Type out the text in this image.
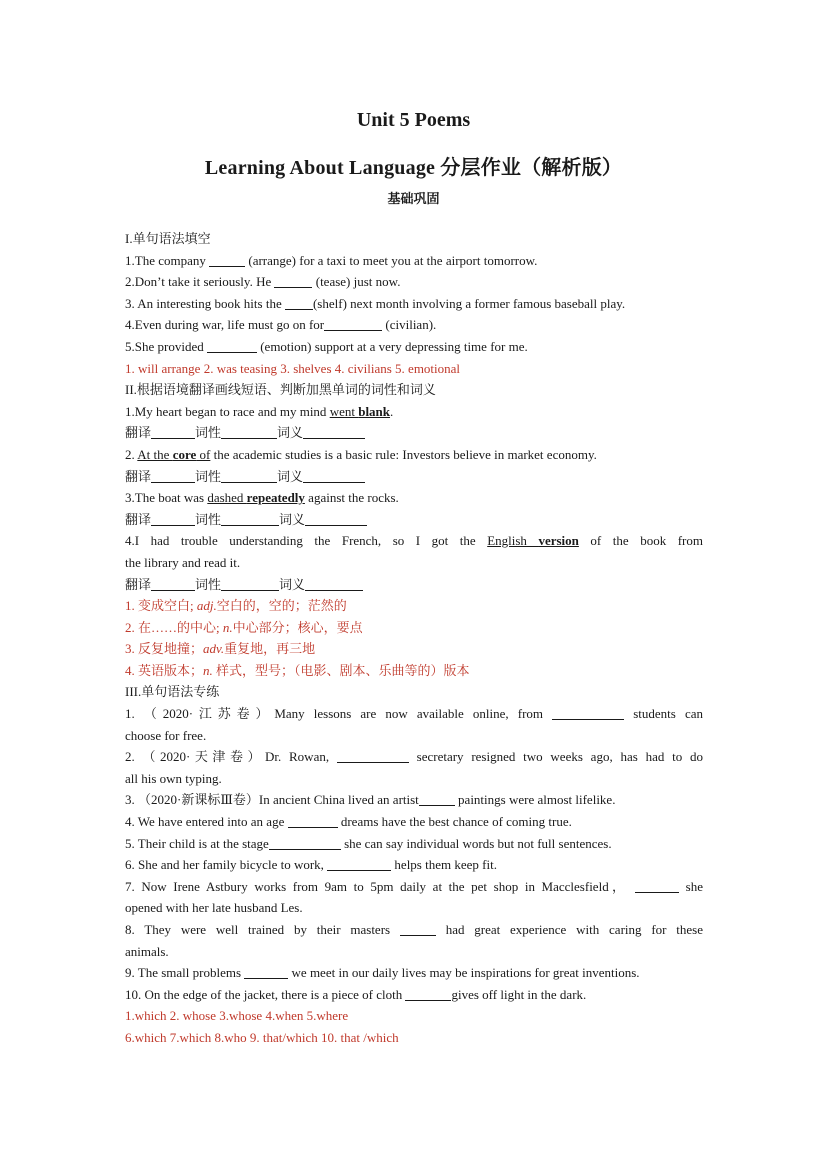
Unit 5 Poems
Learning About Language 分层作业（解析版）
基础巩固
I.单句语法填空
1.The company	(arrange) for a taxi to meet you at the airport tomorrow.
2.Don’t take it seriously. He	(tease) just now.
3. An interesting book hits the (shelf) next month involving a former famous baseball play.
4.Even during war, life must go on for	(civilian).
5.She provided	(emotion) support at a very depressing time for me.
1. will arrange 2. was teasing 3. shelves 4. civilians 5. emotional
II.根据语境翻译画线短语、判断加黑单词的词性和词义
1.My heart began to race and my mind went blank.
翻译	词性	词义
2. At the core of the academic studies is a basic rule: Investors believe in market economy.
翻译	词性	词义
3.The boat was dashed repeatedly against the rocks.
翻译	词性	词义
4.I had trouble understanding the French, so I got the English version of the book from
the library and read it.
翻译	词性	词义
1. 变成空白; adj.空白的，空的；茫然的
2. 在……的中心; n.中心部分；核心，要点
3. 反复地撞；adv.重复地，再三地
4. 英语版本；n. 样式，型号；（电影、剧本、乐曲等的）版本
III.单句语法专练
1. （2020·江苏卷）Many lessons are now available online, from	students can
choose for free.
2. （2020·天津卷）Dr. Rowan,	secretary resigned two weeks ago, has had to do
all his own typing.
3. （2020·新课标Ⅲ卷）In ancient China lived an artist	paintings were almost lifelike.
4. We have entered into an age	dreams have the best chance of coming true.
5. Their child is at the stage	she can say individual words but not full sentences.
6. She and her family bicycle to work,	helps them keep fit.
7. Now Irene Astbury works from 9am to 5pm daily at the pet shop in Macclesfield，	she
opened with her late husband Les.
8. They were well trained by their masters	had great experience with caring for these
animals.
9. The small problems	we meet in our daily lives may be inspirations for great inventions.
10. On the edge of the jacket, there is a piece of cloth	gives off light in the dark.
1.which 2. whose 3.whose 4.when 5.where
6.which 7.which 8.who 9. that/which 10. that /which
